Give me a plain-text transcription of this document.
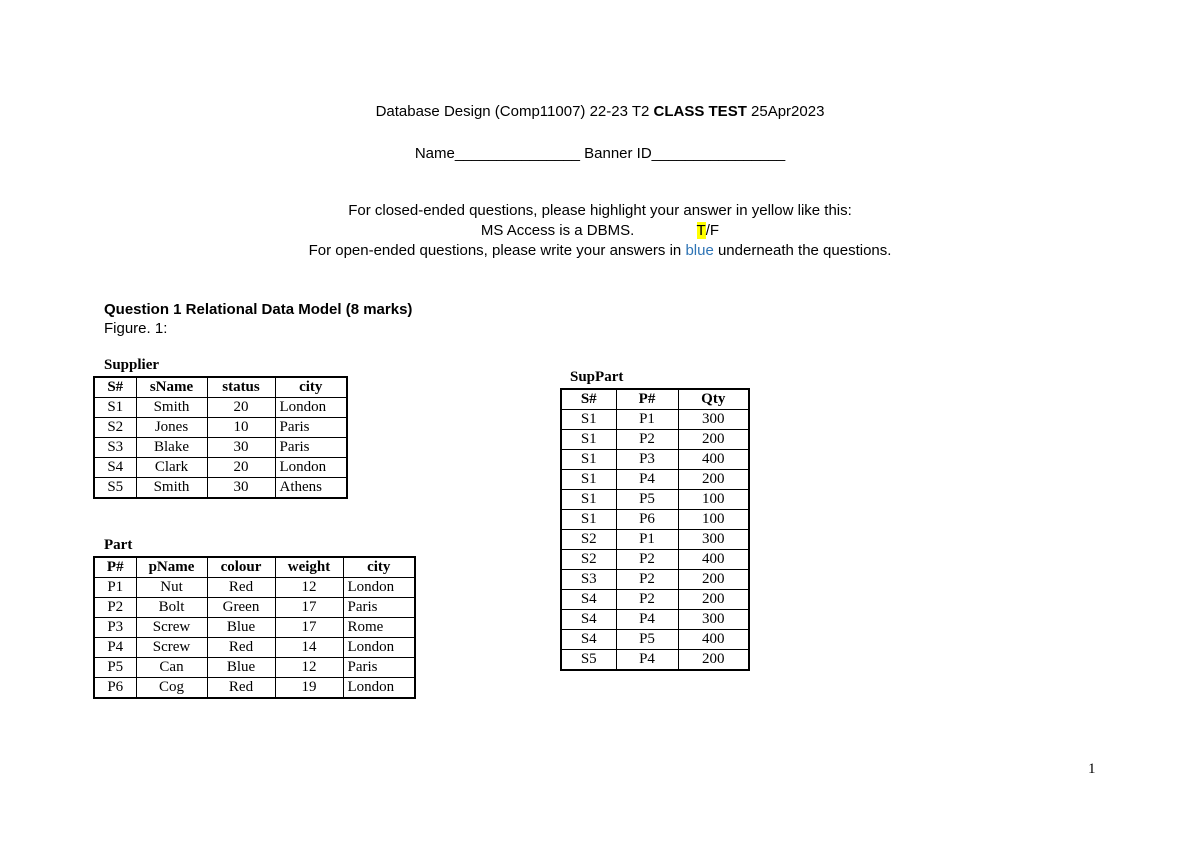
Database Design (Comp11007) 22-23 T2 CLASS TEST 25Apr2023
Name_______________ Banner ID________________
For closed-ended questions, please highlight your answer in yellow like this:
MS Access is a DBMS.	T/F
For open-ended questions, please write your answers in blue underneath the questions.
Question 1 Relational Data Model (8 marks)
Figure. 1:
Supplier
S#	sName	status	city
S1	Smith	20	London
S2	Jones	10	Paris
S3	Blake	30	Paris
S4	Clark	20	London
S5	Smith	30	Athens
Part
P#	pName	colour	weight	city
P1	Nut	Red	12	London
P2	Bolt	Green	17	Paris
P3	Screw	Blue	17	Rome
P4	Screw	Red	14	London
P5	Can	Blue	12	Paris
P6	Cog	Red	19	London
SupPart
S#	P#	Qty
S1	P1	300
S1	P2	200
S1	P3	400
S1	P4	200
S1	P5	100
S1	P6	100
S2	P1	300
S2	P2	400
S3	P2	200
S4	P2	200
S4	P4	300
S4	P5	400
S5	P4	200
1
